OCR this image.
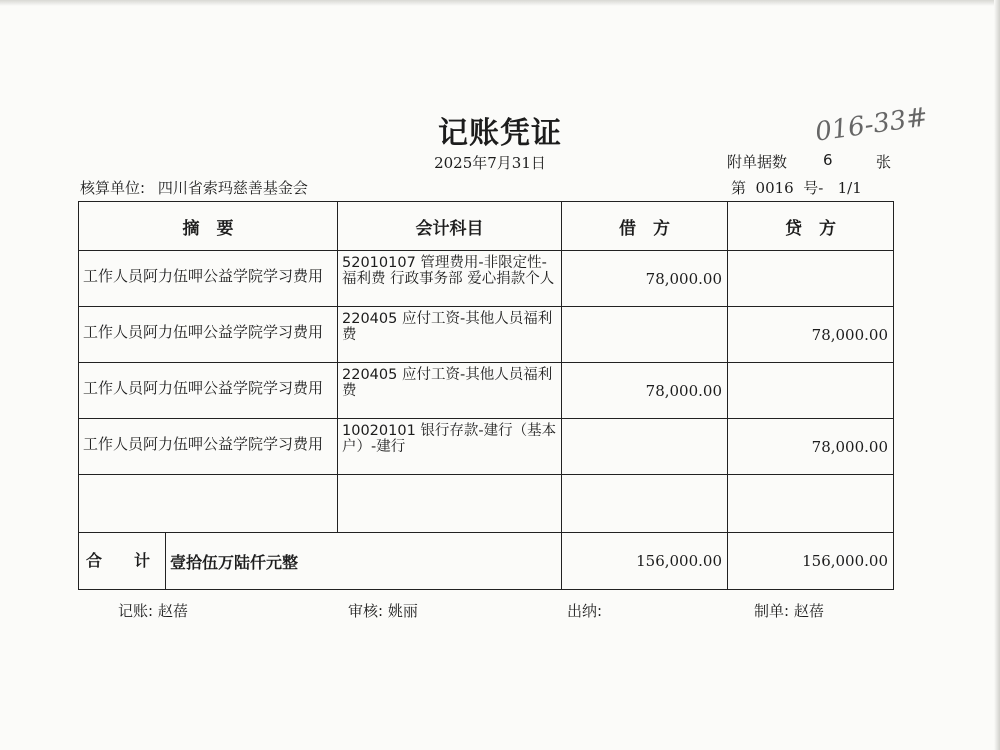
记账凭证
2025年7月31日
016-33#
附单据数 6	张
核算单位: 四川省索玛慈善基金会	第  0016  号-   1/1
摘　要	会计科目	借　方	贷　方
工作人员阿力伍呷公益学院学习费用	52010107 管理费用-非限定性-福利费 行政事务部 爱心捐款个人	78,000.00	
工作人员阿力伍呷公益学院学习费用	220405 应付工资-其他人员福利费		78,000.00
工作人员阿力伍呷公益学院学习费用	220405 应付工资-其他人员福利费	78,000.00	
工作人员阿力伍呷公益学院学习费用	10020101 银行存款-建行（基本户）-建行		78,000.00

合　计 壹拾伍万陆仟元整		156,000.00	156,000.00
记账: 赵蓓	审核: 姚丽	出纳:	制单: 赵蓓
